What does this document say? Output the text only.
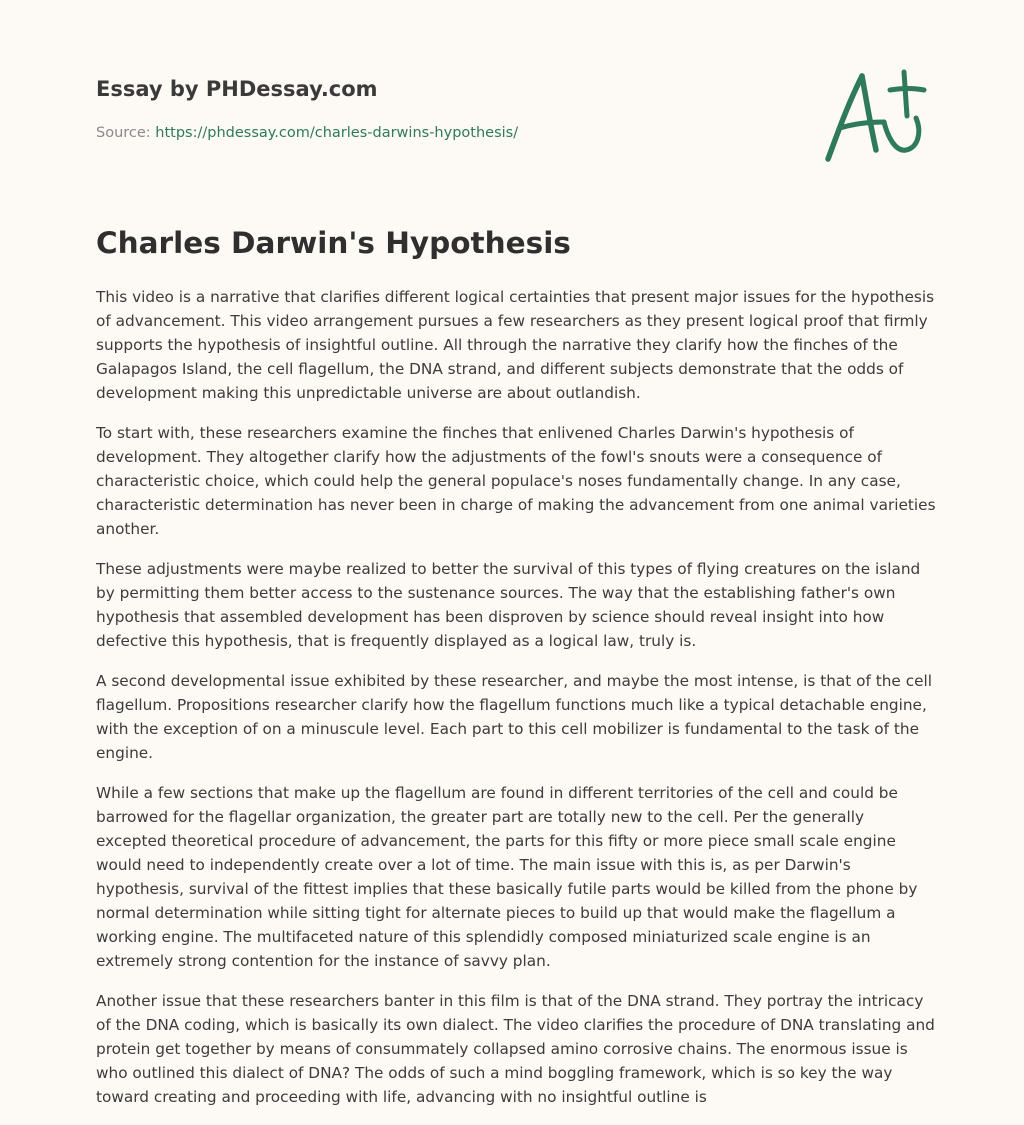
Essay by PHDessay.com
Source: https://phdessay.com/charles-darwins-hypothesis/
Charles Darwin's Hypothesis

This video is a narrative that clarifies different logical certainties that present major issues for the hypothesis of advancement. This video arrangement pursues a few researchers as they present logical proof that firmly supports the hypothesis of insightful outline. All through the narrative they clarify how the finches of the Galapagos Island, the cell flagellum, the DNA strand, and different subjects demonstrate that the odds of development making this unpredictable universe are about outlandish.

To start with, these researchers examine the finches that enlivened Charles Darwin's hypothesis of development. They altogether clarify how the adjustments of the fowl's snouts were a consequence of characteristic choice, which could help the general populace's noses fundamentally change. In any case, characteristic determination has never been in charge of making the advancement from one animal varieties another.

These adjustments were maybe realized to better the survival of this types of flying creatures on the island by permitting them better access to the sustenance sources. The way that the establishing father's own hypothesis that assembled development has been disproven by science should reveal insight into how defective this hypothesis, that is frequently displayed as a logical law, truly is.

A second developmental issue exhibited by these researcher, and maybe the most intense, is that of the cell flagellum. Propositions researcher clarify how the flagellum functions much like a typical detachable engine, with the exception of on a minuscule level. Each part to this cell mobilizer is fundamental to the task of the engine.

While a few sections that make up the flagellum are found in different territories of the cell and could be barrowed for the flagellar organization, the greater part are totally new to the cell. Per the generally excepted theoretical procedure of advancement, the parts for this fifty or more piece small scale engine would need to independently create over a lot of time. The main issue with this is, as per Darwin's hypothesis, survival of the fittest implies that these basically futile parts would be killed from the phone by normal determination while sitting tight for alternate pieces to build up that would make the flagellum a working engine. The multifaceted nature of this splendidly composed miniaturized scale engine is an extremely strong contention for the instance of savvy plan.

Another issue that these researchers banter in this film is that of the DNA strand. They portray the intricacy of the DNA coding, which is basically its own dialect. The video clarifies the procedure of DNA translating and protein get together by means of consummately collapsed amino corrosive chains. The enormous issue is who outlined this dialect of DNA? The odds of such a mind boggling framework, which is so key the way toward creating and proceeding with life, advancing with no insightful outline is
